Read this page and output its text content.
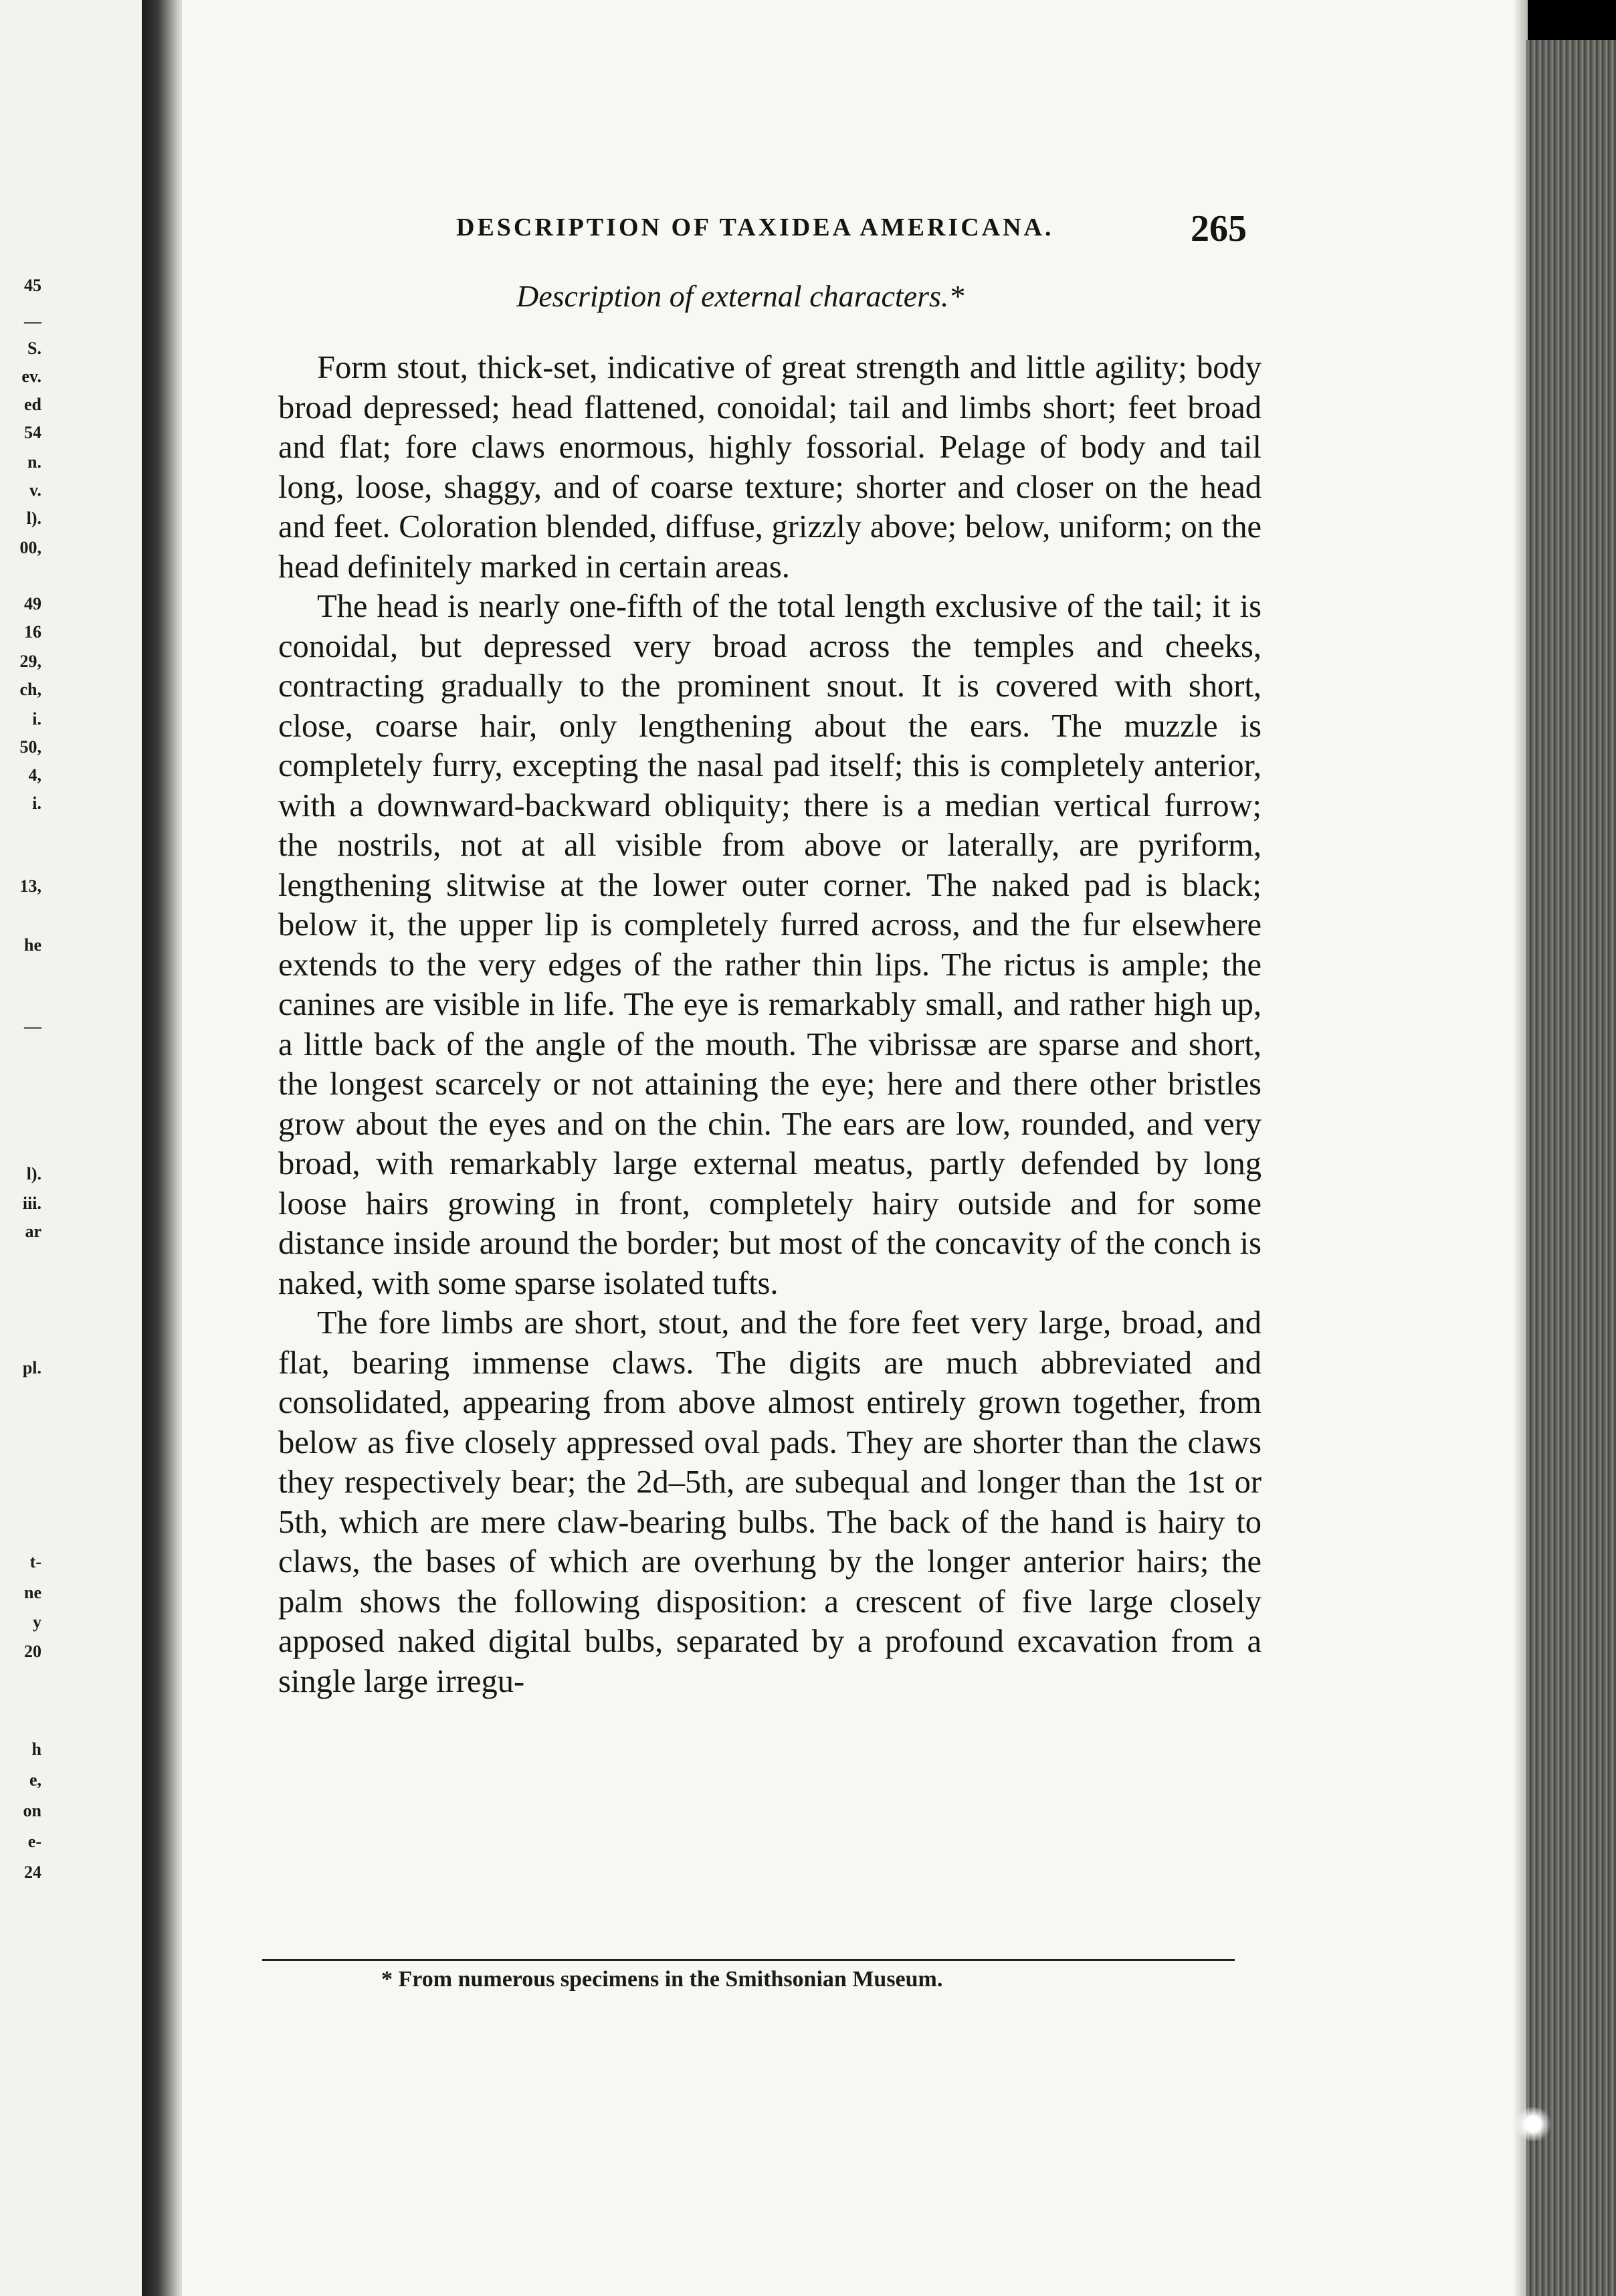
45
—
S.
ev.
ed
54
n.
v.
l).
00,
49
16
29,
ch,
i.
50,
4,
i.
13,
he
—
l).
iii.
ar
pl.
t-
ne
y
20
h
e,
on
e-
24
DESCRIPTION OF TAXIDEA AMERICANA.	265
Description of external characters.*

Form stout, thick-set, indicative of great strength and little agility; body broad depressed; head flattened, conoidal; tail and limbs short; feet broad and flat; fore claws enormous, highly fossorial. Pelage of body and tail long, loose, shaggy, and of coarse texture; shorter and closer on the head and feet. Coloration blended, diffuse, grizzly above; below, uniform; on the head definitely marked in certain areas.

The head is nearly one-fifth of the total length exclusive of the tail; it is conoidal, but depressed very broad across the temples and cheeks, contracting gradually to the prominent snout. It is covered with short, close, coarse hair, only lengthening about the ears. The muzzle is completely furry, excepting the nasal pad itself; this is completely anterior, with a downward-backward obliquity; there is a median vertical furrow; the nostrils, not at all visible from above or laterally, are pyriform, lengthening slitwise at the lower outer corner. The naked pad is black; below it, the upper lip is completely furred across, and the fur elsewhere extends to the very edges of the rather thin lips. The rictus is ample; the canines are visible in life. The eye is remarkably small, and rather high up, a little back of the angle of the mouth. The vibrissæ are sparse and short, the longest scarcely or not attaining the eye; here and there other bristles grow about the eyes and on the chin. The ears are low, rounded, and very broad, with remarkably large external meatus, partly defended by long loose hairs growing in front, completely hairy outside and for some distance inside around the border; but most of the concavity of the conch is naked, with some sparse isolated tufts.

The fore limbs are short, stout, and the fore feet very large, broad, and flat, bearing immense claws. The digits are much abbreviated and consolidated, appearing from above almost entirely grown together, from below as five closely appressed oval pads. They are shorter than the claws they respectively bear; the 2d–5th, are subequal and longer than the 1st or 5th, which are mere claw-bearing bulbs. The back of the hand is hairy to claws, the bases of which are overhung by the longer anterior hairs; the palm shows the following disposition: a crescent of five large closely apposed naked digital bulbs, separated by a profound excavation from a single large irregu-

* From numerous specimens in the Smithsonian Museum.
